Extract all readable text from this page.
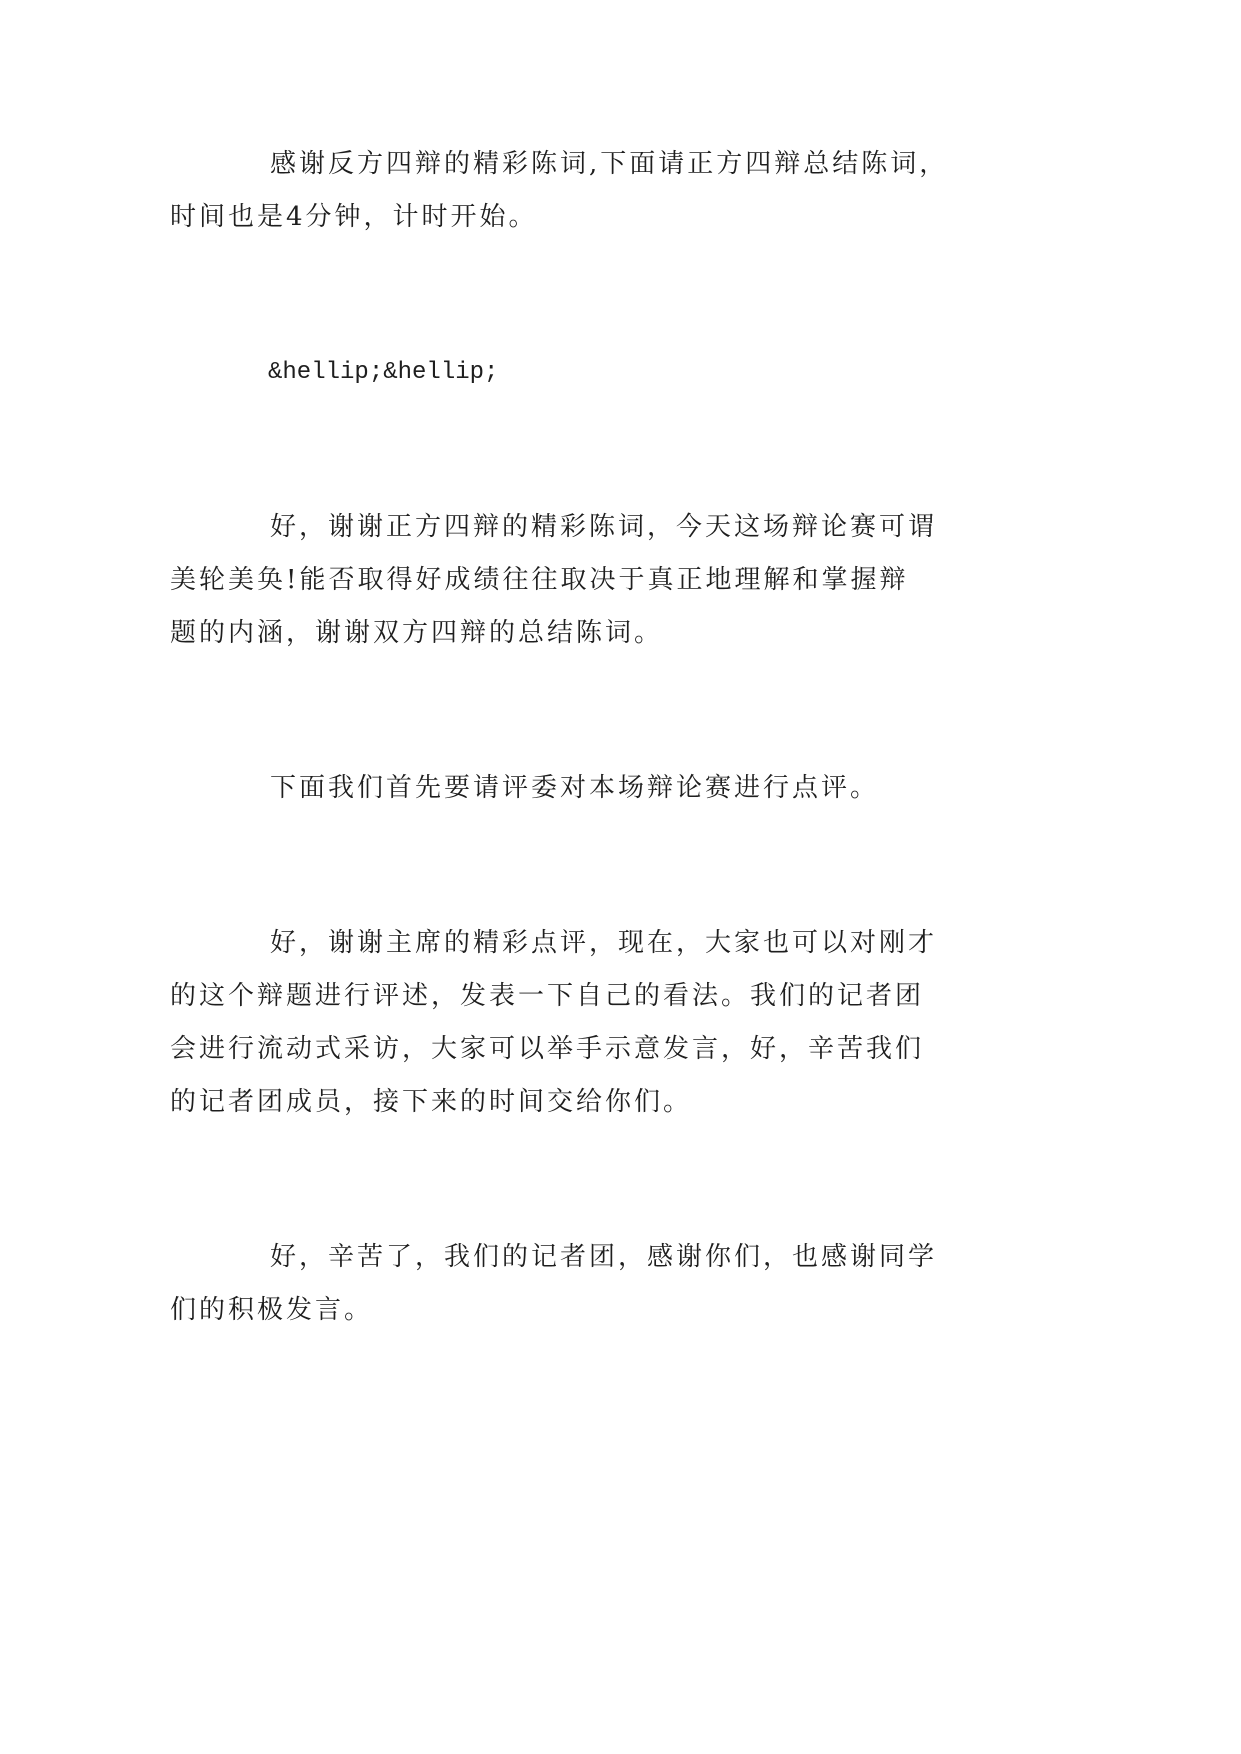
感谢反方四辩的精彩陈词,下面请正方四辩总结陈词，
时间也是4分钟，计时开始。
&hellip;&hellip;
好，谢谢正方四辩的精彩陈词，今天这场辩论赛可谓
美轮美奂!能否取得好成绩往往取决于真正地理解和掌握辩
题的内涵，谢谢双方四辩的总结陈词。
下面我们首先要请评委对本场辩论赛进行点评。
好，谢谢主席的精彩点评，现在，大家也可以对刚才
的这个辩题进行评述，发表一下自己的看法。我们的记者团
会进行流动式采访，大家可以举手示意发言，好，辛苦我们
的记者团成员，接下来的时间交给你们。
好，辛苦了，我们的记者团，感谢你们，也感谢同学
们的积极发言。
